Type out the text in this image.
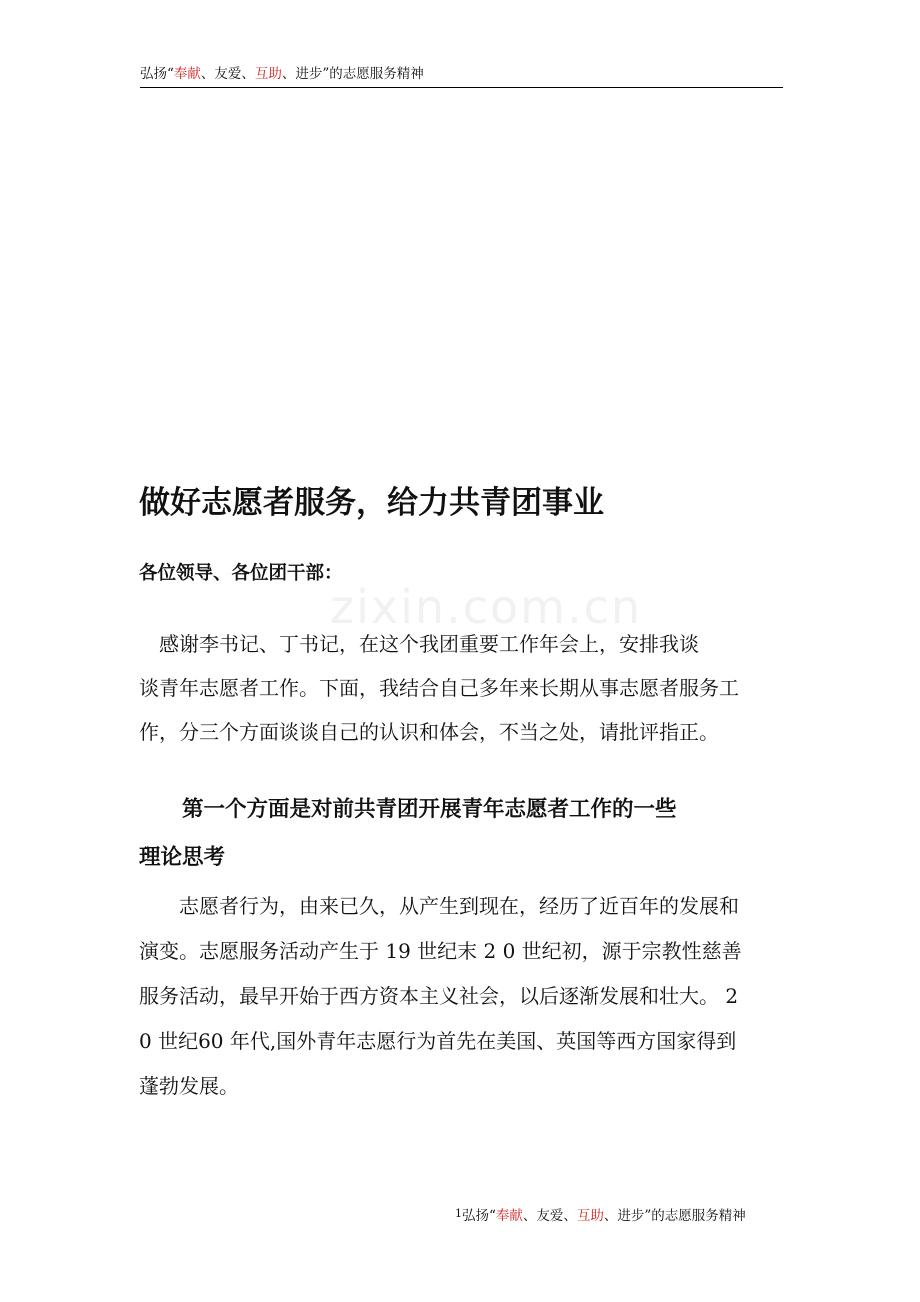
弘扬“奉献、友爱、互助、进步”的志愿服务精神
zixin.com.cn
做好志愿者服务，给力共青团事业

各位领导、各位团干部：

　感谢李书记、丁书记，在这个我团重要工作年会上，安排我谈
谈青年志愿者工作。下面，我结合自己多年来长期从事志愿者服务工
作，分三个方面谈谈自己的认识和体会，不当之处，请批评指正。

　　第一个方面是对前共青团开展青年志愿者工作的一些
理论思考

　　志愿者行为，由来已久，从产生到现在，经历了近百年的发展和
演变。志愿服务活动产生于 19 世纪末 2 0 世纪初，源于宗教性慈善
服务活动，最早开始于西方资本主义社会，以后逐渐发展和壮大。 2
0 世纪60 年代,国外青年志愿行为首先在美国、英国等西方国家得到
蓬勃发展。

$^1$弘扬“奉献、友爱、互助、进步”的志愿服务精神
